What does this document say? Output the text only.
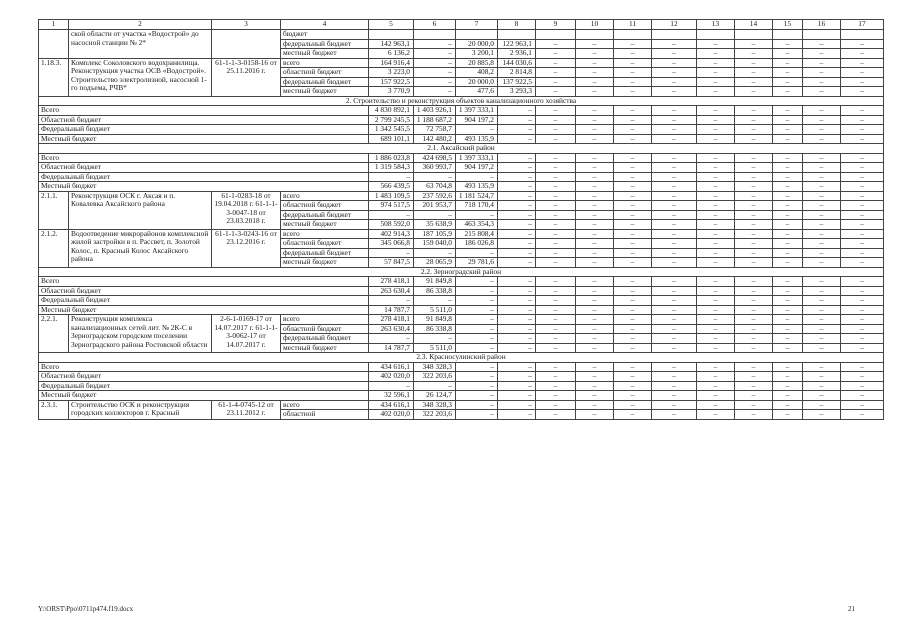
1	2	3	4	5	6	7	8	9	10	11	12	13	14	15	16	17
	ской области от участка «Водострой» до насосной станции № 2*		бюджет													
			федеральный бюджет	142 963,1	–	20 000,0	122 963,1	–	–	–	–	–	–	–	–	–
			местный бюджет	6 136,2	–	3 200,1	2 936,1	–	–	–	–	–	–	–	–	–
1.18.3.	Комплекс Соколовского водохранилища. Реконструкция участка ОСВ «Водострой». Строительство электролизной, насосной 1-го подъема, РЧВ*	61-1-1-3-0158-16 от 25.11.2016 г.	всего	164 916,4	–	20 885,8	144 030,6	–	–	–	–	–	–	–	–	–
			областной бюджет	3 223,0	–	408,2	2 814,8	–	–	–	–	–	–	–	–	–
			федеральный бюджет	157 922,5	–	20 000,0	137 922,5	–	–	–	–	–	–	–	–	–
			местный бюджет	3 770,9	–	477,6	3 293,3	–	–	–	–	–	–	–	–	–
2. Строительство и реконструкция объектов канализационного хозяйства																
Всего				4 830 892,1	1 403 926,1	1 397 333,1	–	–	–	–	–	–	–	–	–	–
Областной бюджет				2 799 245,5	1 188 687,2	904 197,2	–	–	–	–	–	–	–	–	–	–
Федеральный бюджет				1 342 545,5	72 758,7	–	–	–	–	–	–	–	–	–	–	–
Местный бюджет				689 101,1	142 480,2	493 135,9	–	–	–	–	–	–	–	–	–	–
2.1. Аксайский район																
Всего				1 886 023,8	424 698,5	1 397 333,1	–	–	–	–	–	–	–	–	–	–
Областной бюджет				1 319 584,3	360 993,7	904 197,2	–	–	–	–	–	–	–	–	–	–
Федеральный бюджет				–	–	–	–	–	–	–	–	–	–	–	–	–
Местный бюджет				566 439,5	63 704,8	493 135,9	–	–	–	–	–	–	–	–	–	–
2.1.1.	Реконструкция ОСК г. Аксая и п. Ковалевка Аксайского района	61-1-0283-18 от 19.04.2018 г. 61-1-1-3-0047-18 от 23.03.2018 г.	всего	1 483 109,5	237 592,6	1 181 524,7	–	–	–	–	–	–	–	–	–	–
			областной бюджет	974 517,5	201 953,7	718 170,4	–	–	–	–	–	–	–	–	–	–
			федеральный бюджет	–	–	–	–	–	–	–	–	–	–	–	–	–
			местный бюджет	508 592,0	35 638,9	463 354,3	–	–	–	–	–	–	–	–	–	–
2.1.2.	Водоотведение микрорайонов комплексной жилой застройки в п. Рассвет, п. Золотой Колос, п. Красный Колос Аксайского района	61-1-1-3-0243-16 от 23.12.2016 г.	всего	402 914,3	187 105,9	215 808,4	–	–	–	–	–	–	–	–	–	–
			областной бюджет	345 066,8	159 040,0	186 026,8	–	–	–	–	–	–	–	–	–	–
			федеральный бюджет	–	–	–	–	–	–	–	–	–	–	–	–	–
			местный бюджет	57 847,5	28 065,9	29 781,6	–	–	–	–	–	–	–	–	–	–
2.2. Зерноградский район																
Всего				278 418,1	91 849,8	–	–	–	–	–	–	–	–	–	–	–
Областной бюджет				263 630,4	86 338,8	–	–	–	–	–	–	–	–	–	–	–
Федеральный бюджет				–	–	–	–	–	–	–	–	–	–	–	–	–
Местный бюджет				14 787,7	5 511,0	–	–	–	–	–	–	–	–	–	–	–
2.2.1.	Реконструкция комплекса канализационных сетей лит. № 2К-С в Зерноградском городском поселении Зерноградского района Ростовской области	2-6-1-0169-17 от 14.07.2017 г. 61-1-1-3-0062-17 от 14.07.2017 г.	всего	278 418,1	91 849,8	–	–	–	–	–	–	–	–	–	–	–
			областной бюджет	263 630,4	86 338,8	–	–	–	–	–	–	–	–	–	–	–
			федеральный бюджет	–	–	–	–	–	–	–	–	–	–	–	–	–
			местный бюджет	14 787,7	5 511,0	–	–	–	–	–	–	–	–	–	–	–
2.3. Красносулинский район																
Всего				434 616,1	348 328,3	–	–	–	–	–	–	–	–	–	–	–
Областной бюджет				402 020,0	322 203,6	–	–	–	–	–	–	–	–	–	–	–
Федеральный бюджет				–	–	–	–	–	–	–	–	–	–	–	–	–
Местный бюджет				32 596,1	26 124,7	–	–	–	–	–	–	–	–	–	–	–
2.3.1.	Строительство ОСК и реконструкция городских коллекторов г. Красный	61-1-4-0745-12 от 23.11.2012 г.	всего	434 616,1	348 328,3	–	–	–	–	–	–	–	–	–	–	–
			областной	402 020,0	322 203,6	–	–	–	–	–	–	–	–	–	–	–
Y:\ORST\Ppo\0711p474.f19.docx	21
